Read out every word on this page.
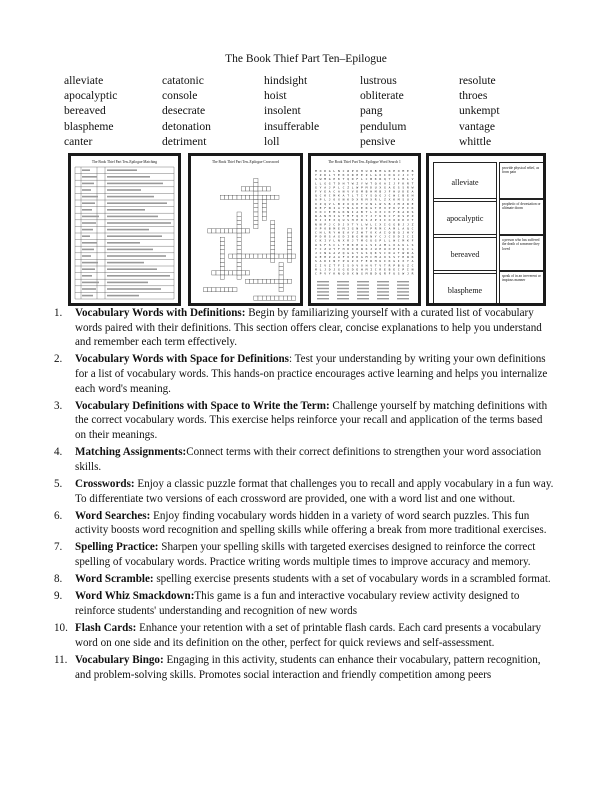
The Book Thief Part Ten–Epilogue
alleviate
apocalyptic
bereaved
blaspheme
canter
catatonic
console
desecrate
detonation
detriment
hindsight
hoist
insolent
insufferable
loll
lustrous
obliterate
pang
pendulum
pensive
resolute
throes
unkempt
vantage
whittle
The Book Thief Part Ten–Epilogue Matching	The Book Thief Part Ten–Epilogue Crossword	The Book Thief Part Ten–Epilogue Word Search 1
M O D G L N C W P K H U R B M G R E O M E B
Y Z D L Y E K O R H E Z L G O I D U J J C Y
G W M G P K T Q D F L C B K R Q Y I L M L V
L L G G T D H T W Z Y W T Q O A I J F K R T
G Y A J P L C Z L W P M D U X G A E S S R W
F V E A C A N V V D M B H M B J F H U D E A
Q C K C M K A T L T I Y S Q G J C W C B E H
A P L J O X N K D X R M X R L Z X K M S U X
O Z Q V L B Z O Q K T U N L W S B J M Z R E
R E F N I A Y N A K E R G T H X P K V E I K
X O C E M G K N I A B T L O X C K F K A D S
W A N H I G T M F Q X Y J Y U K C F D S P Z
H J I E X Q U S H P D S Z P I I O O D K V T
N N P J C D J X T Y L W L C X I G G B J J Z
V P O B M E M I G N O F P R M C A M L A Q C
C H L R Y W E A V Z W T O X A I Q B Q J H Y
P D R S A G D I B G M N N Y C J C D D I C I
C K I V L N X R J T M G U G P L L W C M K F
U S F S C L T B K H A L S I A M L O A U L S
T C Z U Y F H K X R W K J U E U O P I Q C L
J C N G A Z Q G G Y G S Q K V C D A T W R A
A E H Z A A F O P D G M C M A O S S Y H W R
S A D I N T P U Z X F E R H U I K G I X Y A
I I V Z T F I S O V O H V T V T R P B U Z C
M L J D J G G E D E H M I C R E B E C P I N
C P V Y K N Q D X N G M B D Q R F U S W J R
alleviate
provide physical relief, as from pain
apocalyptic
prophetic of devastation or ultimate doom
bereaved
a person who has suffered the death of someone they loved
blaspheme
speak of in an irreverent or impious manner
1. Vocabulary Words with Definitions: Begin by familiarizing yourself with a curated list of vocabulary words paired with their definitions. This section offers clear, concise explanations to help you understand and remember each term effectively.
2. Vocabulary Words with Space for Definitions: Test your understanding by writing your own definitions for a list of vocabulary words. This hands-on practice encourages active learning and helps you internalize each word's meaning.
3. Vocabulary Definitions with Space to Write the Term: Challenge yourself by matching definitions with the correct vocabulary words. This exercise helps reinforce your recall and application of the terms based on their meanings.
4. Matching Assignments:Connect terms with their correct definitions to strengthen your word association skills.
5. Crosswords: Enjoy a classic puzzle format that challenges you to recall and apply vocabulary in a fun way. To differentiate two versions of each crossword are provided, one with a word list and one without.
6. Word Searches: Enjoy finding vocabulary words hidden in a variety of word search puzzles. This fun activity boosts word recognition and spelling skills while offering a break from more traditional exercises.
7. Spelling Practice: Sharpen your spelling skills with targeted exercises designed to reinforce the correct spelling of vocabulary words. Practice writing words multiple times to improve accuracy and memory.
8. Word Scramble: spelling exercise presents students with a set of vocabulary words in a scrambled format.
9. Word Whiz Smackdown:This game is a fun and interactive vocabulary review activity designed to reinforce students' understanding and recognition of new words
10. Flash Cards: Enhance your retention with a set of printable flash cards. Each card presents a vocabulary word on one side and its definition on the other, perfect for quick reviews and self-assessment.
11. Vocabulary Bingo: Engaging in this activity, students can enhance their vocabulary, pattern recognition, and problem-solving skills. Promotes social interaction and friendly competition among peers
